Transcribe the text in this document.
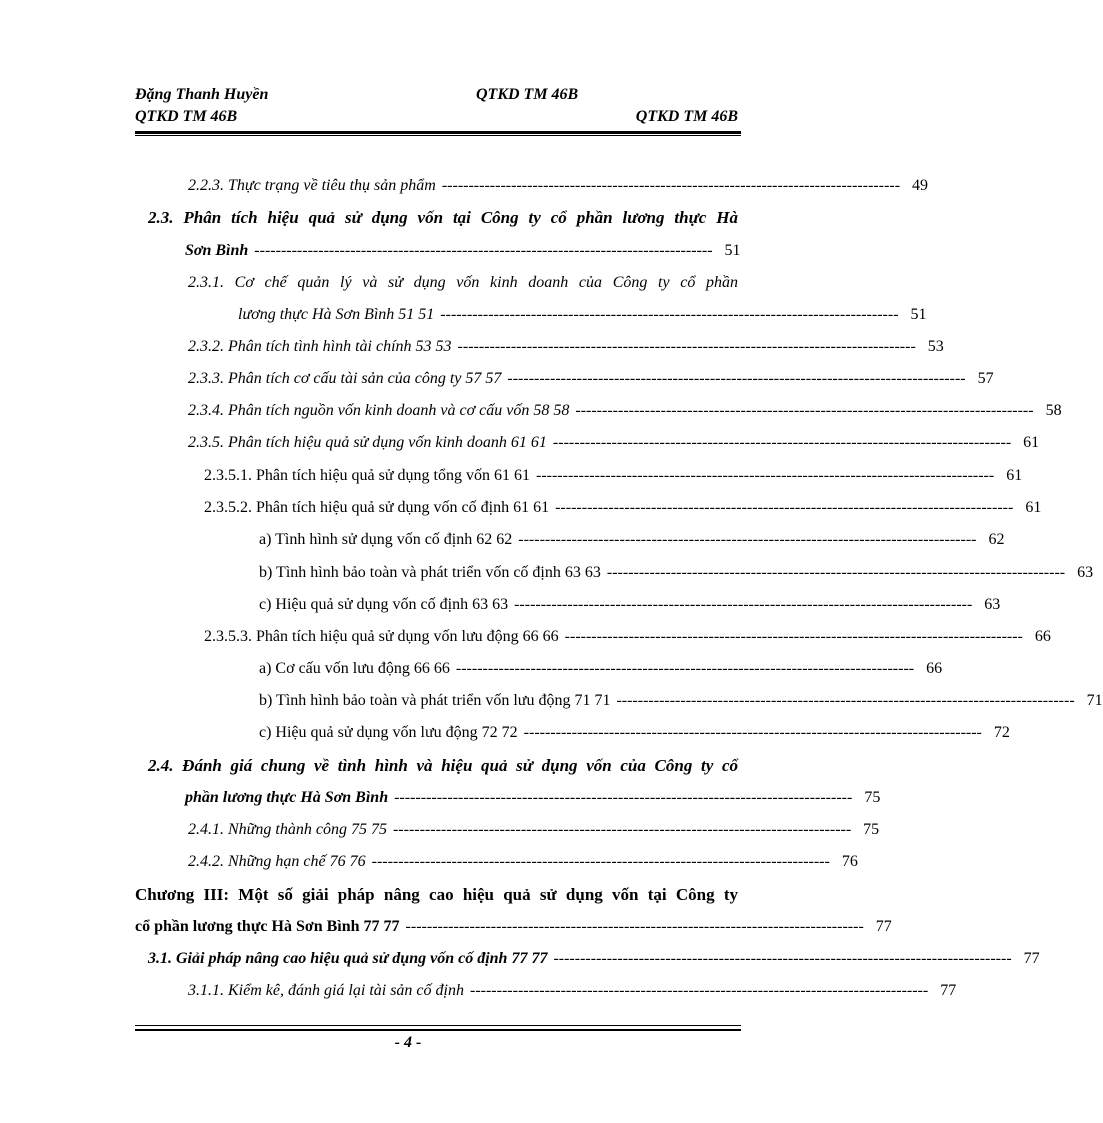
Đặng Thanh Huyền	QTKD TM 46B
QTKD TM 46B	QTKD TM 46B
2.2.3. Thực trạng về tiêu thụ sản phẩm -------------------------------------------------------------------------------------- 49
2.3. Phân tích hiệu quả sử dụng vốn tại Công ty cổ phần lương thực Hà
Sơn Bình -------------------------------------------------------------------------------------- 51
2.3.1. Cơ chế quản lý và sử dụng vốn kinh doanh của Công ty cổ phần
lương thực Hà Sơn Bình 51 51 -------------------------------------------------------------------------------------- 51
2.3.2. Phân tích tình hình tài chính 53 53 -------------------------------------------------------------------------------------- 53
2.3.3. Phân tích cơ cấu tài sản của công ty 57 57 -------------------------------------------------------------------------------------- 57
2.3.4. Phân tích nguồn vốn kinh doanh và cơ cấu vốn 58 58 -------------------------------------------------------------------------------------- 58
2.3.5. Phân tích hiệu quả sử dụng vốn kinh doanh 61 61 -------------------------------------------------------------------------------------- 61
2.3.5.1. Phân tích hiệu quả sử dụng tổng vốn 61 61 -------------------------------------------------------------------------------------- 61
2.3.5.2. Phân tích hiệu quả sử dụng vốn cố định 61 61 -------------------------------------------------------------------------------------- 61
a) Tình hình sử dụng vốn cố định 62 62 -------------------------------------------------------------------------------------- 62
b) Tình hình bảo toàn và phát triển vốn cố định 63 63 -------------------------------------------------------------------------------------- 63
c) Hiệu quả sử dụng vốn cố định 63 63 -------------------------------------------------------------------------------------- 63
2.3.5.3. Phân tích hiệu quả sử dụng vốn lưu động 66 66 -------------------------------------------------------------------------------------- 66
a) Cơ cấu vốn lưu động 66 66 -------------------------------------------------------------------------------------- 66
b) Tình hình bảo toàn và phát triển vốn lưu động 71 71 -------------------------------------------------------------------------------------- 71
c) Hiệu quả sử dụng vốn lưu động 72 72 -------------------------------------------------------------------------------------- 72
2.4. Đánh giá chung về tình hình và hiệu quả sử dụng vốn của Công ty cổ
phần lương thực Hà Sơn Bình -------------------------------------------------------------------------------------- 75
2.4.1. Những thành công 75 75 -------------------------------------------------------------------------------------- 75
2.4.2. Những hạn chế 76 76 -------------------------------------------------------------------------------------- 76
Chương III: Một số giải pháp nâng cao hiệu quả sử dụng vốn tại Công ty
cổ phần lương thực Hà Sơn Bình 77 77 -------------------------------------------------------------------------------------- 77
3.1. Giải pháp nâng cao hiệu quả sử dụng vốn cố định 77 77 -------------------------------------------------------------------------------------- 77
3.1.1. Kiểm kê, đánh giá lại tài sản cố định -------------------------------------------------------------------------------------- 77
- 4 -
